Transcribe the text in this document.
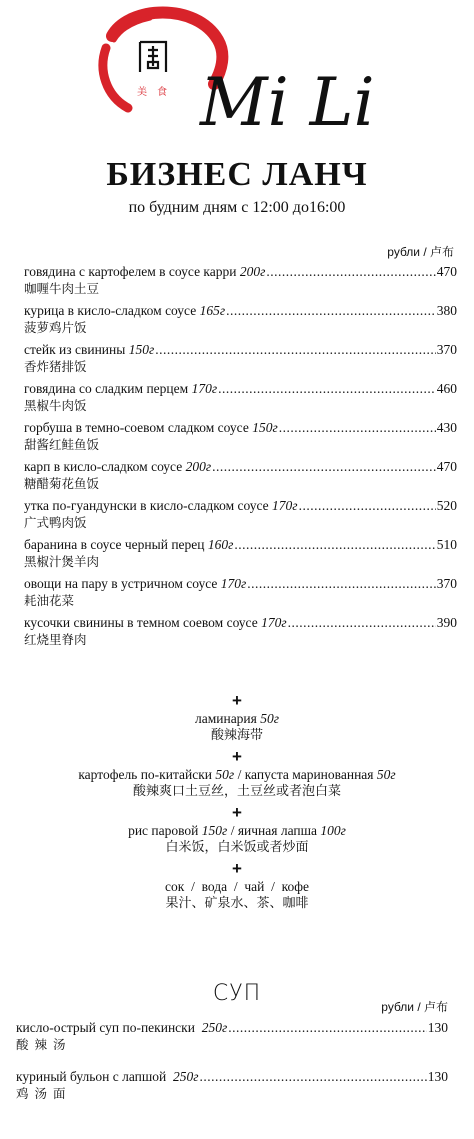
美 食 Mi Li
БИЗНЕС ЛАНЧ
по будним дням с 12:00 до16:00
рубли / 卢布
говядина с картофелем в соусе карри 200г .....	470
咖喱牛肉土豆
курица в кисло-сладком соусе 165г .....	380
菠萝鸡片饭
стейк из свинины 150г .....	370
香炸猪排饭
говядина со сладким перцем 170г .....	460
黑椒牛肉饭
горбуша в темно-соевом сладком соусе 150г .....	430
甜酱红鲑鱼饭
карп в кисло-сладком соусе 200г .....	470
糖醋菊花鱼饭
утка по-гуандунски в кисло-сладком соусе 170г .....	520
广式鸭肉饭
баранина в соусе черный перец 160г .....	510
黑椒汁煲羊肉
овощи на пару в устричном соусе 170г .....	370
耗油花菜
кусочки свинины в темном соевом соусе 170г .....	390
红烧里脊肉
+
ламинария 50г
酸辣海带
+
картофель по-китайски 50г / капуста маринованная 50г
酸辣爽口土豆丝，土豆丝或者泡白菜
+
рис паровой 150г / яичная лапша 100г
白米饭，白米饭或者炒面
+
сок  /  вода  /  чай  /  кофе
果汁、矿泉水、茶、咖啡
СУП
рубли / 卢布
кисло-острый суп по-пекински 250г .....	130
酸 辣 汤
куриный бульон с лапшой 250г .....	130
鸡 汤 面
